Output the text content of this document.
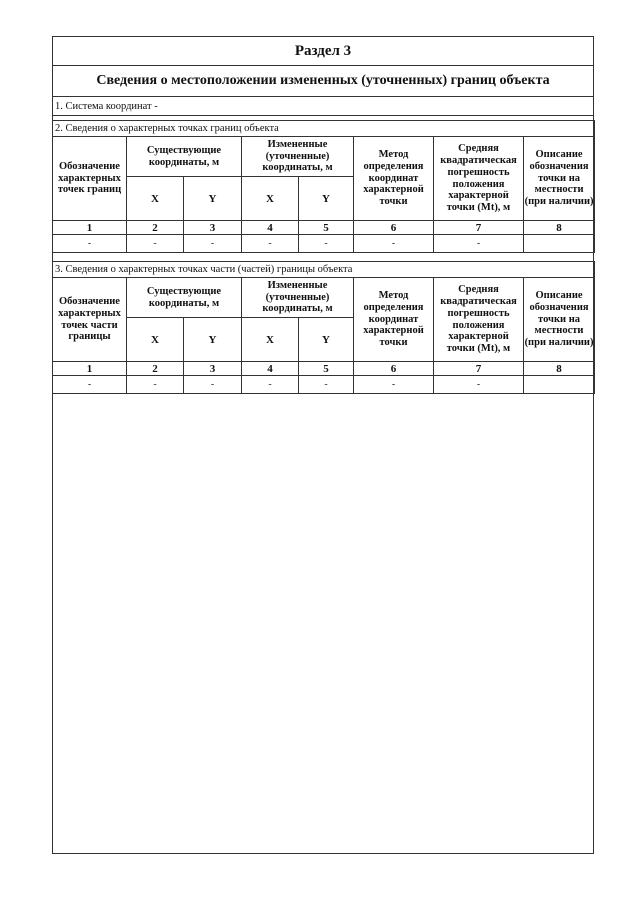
Раздел 3
Сведения о местоположении измененных (уточненных) границ объекта
1. Система координат -
2. Сведения о характерных точках границ объекта							
Обозначение характерных точек границ	Существующие координаты, м		Измененные (уточненные) координаты, м		Метод определения координат характерной точки	Средняя квадратическая погрешность положения характерной точки (Mt), м	Описание обозначения точки на местности (при наличии)
	X	Y	X	Y			
1	2	3	4	5	6	7	8
-	-	-	-	-	-	-	
3. Сведения о характерных точках части (частей) границы объекта							
Обозначение характерных точек части границы	Существующие координаты, м		Измененные (уточненные) координаты, м		Метод определения координат характерной точки	Средняя квадратическая погрешность положения характерной точки (Mt), м	Описание обозначения точки на местности (при наличии)
	X	Y	X	Y			
1	2	3	4	5	6	7	8
-	-	-	-	-	-	-	
